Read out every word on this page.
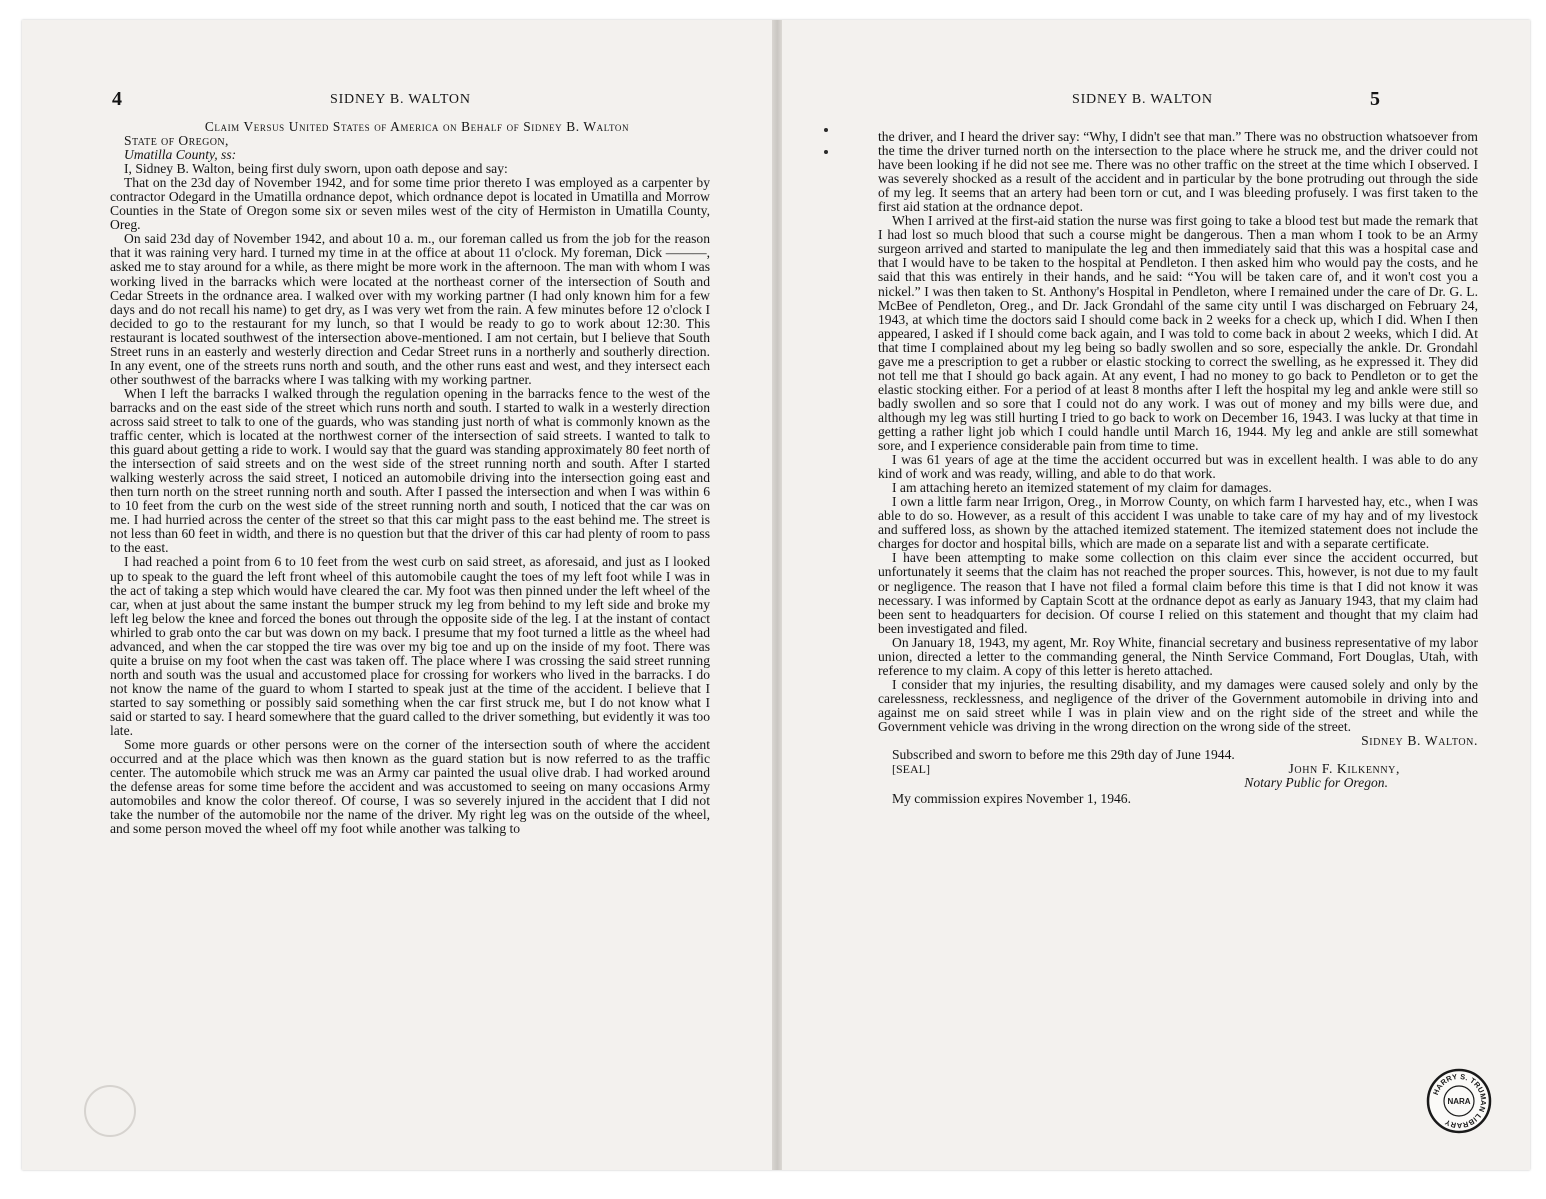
4	SIDNEY B. WALTON

Claim Versus United States of America on Behalf of Sidney B. Walton

State of Oregon,

Umatilla County, ss:

I, Sidney B. Walton, being first duly sworn, upon oath depose and say:

That on the 23d day of November 1942, and for some time prior thereto I was employed as a carpenter by contractor Odegard in the Umatilla ordnance depot, which ordnance depot is located in Umatilla and Morrow Counties in the State of Oregon some six or seven miles west of the city of Hermiston in Umatilla County, Oreg.

On said 23d day of November 1942, and about 10 a. m., our foreman called us from the job for the reason that it was raining very hard. I turned my time in at the office at about 11 o'clock. My foreman, Dick ———, asked me to stay around for a while, as there might be more work in the afternoon. The man with whom I was working lived in the barracks which were located at the northeast corner of the intersection of South and Cedar Streets in the ordnance area. I walked over with my working partner (I had only known him for a few days and do not recall his name) to get dry, as I was very wet from the rain. A few minutes before 12 o'clock I decided to go to the restaurant for my lunch, so that I would be ready to go to work about 12:30. This restaurant is located southwest of the intersection above-mentioned. I am not certain, but I believe that South Street runs in an easterly and westerly direction and Cedar Street runs in a northerly and southerly direction. In any event, one of the streets runs north and south, and the other runs east and west, and they intersect each other southwest of the barracks where I was talking with my working partner.

When I left the barracks I walked through the regulation opening in the barracks fence to the west of the barracks and on the east side of the street which runs north and south. I started to walk in a westerly direction across said street to talk to one of the guards, who was standing just north of what is commonly known as the traffic center, which is located at the northwest corner of the intersection of said streets. I wanted to talk to this guard about getting a ride to work. I would say that the guard was standing approximately 80 feet north of the intersection of said streets and on the west side of the street running north and south. After I started walking westerly across the said street, I noticed an automobile driving into the intersection going east and then turn north on the street running north and south. After I passed the intersection and when I was within 6 to 10 feet from the curb on the west side of the street running north and south, I noticed that the car was on me. I had hurried across the center of the street so that this car might pass to the east behind me. The street is not less than 60 feet in width, and there is no question but that the driver of this car had plenty of room to pass to the east.

I had reached a point from 6 to 10 feet from the west curb on said street, as aforesaid, and just as I looked up to speak to the guard the left front wheel of this automobile caught the toes of my left foot while I was in the act of taking a step which would have cleared the car. My foot was then pinned under the left wheel of the car, when at just about the same instant the bumper struck my leg from behind to my left side and broke my left leg below the knee and forced the bones out through the opposite side of the leg. I at the instant of contact whirled to grab onto the car but was down on my back. I presume that my foot turned a little as the wheel had advanced, and when the car stopped the tire was over my big toe and up on the inside of my foot. There was quite a bruise on my foot when the cast was taken off. The place where I was crossing the said street running north and south was the usual and accustomed place for crossing for workers who lived in the barracks. I do not know the name of the guard to whom I started to speak just at the time of the accident. I believe that I started to say something or possibly said something when the car first struck me, but I do not know what I said or started to say. I heard somewhere that the guard called to the driver something, but evidently it was too late.

Some more guards or other persons were on the corner of the intersection south of where the accident occurred and at the place which was then known as the guard station but is now referred to as the traffic center. The automobile which struck me was an Army car painted the usual olive drab. I had worked around the defense areas for some time before the accident and was accustomed to seeing on many occasions Army automobiles and know the color thereof. Of course, I was so severely injured in the accident that I did not take the number of the automobile nor the name of the driver. My right leg was on the outside of the wheel, and some person moved the wheel off my foot while another was talking to

SIDNEY B. WALTON	5

the driver, and I heard the driver say: “Why, I didn't see that man.” There was no obstruction whatsoever from the time the driver turned north on the intersection to the place where he struck me, and the driver could not have been looking if he did not see me. There was no other traffic on the street at the time which I observed. I was severely shocked as a result of the accident and in particular by the bone protruding out through the side of my leg. It seems that an artery had been torn or cut, and I was bleeding profusely. I was first taken to the first aid station at the ordnance depot.

When I arrived at the first-aid station the nurse was first going to take a blood test but made the remark that I had lost so much blood that such a course might be dangerous. Then a man whom I took to be an Army surgeon arrived and started to manipulate the leg and then immediately said that this was a hospital case and that I would have to be taken to the hospital at Pendleton. I then asked him who would pay the costs, and he said that this was entirely in their hands, and he said: “You will be taken care of, and it won't cost you a nickel.” I was then taken to St. Anthony's Hospital in Pendleton, where I remained under the care of Dr. G. L. McBee of Pendleton, Oreg., and Dr. Jack Grondahl of the same city until I was discharged on February 24, 1943, at which time the doctors said I should come back in 2 weeks for a check up, which I did. When I then appeared, I asked if I should come back again, and I was told to come back in about 2 weeks, which I did. At that time I complained about my leg being so badly swollen and so sore, especially the ankle. Dr. Grondahl gave me a prescription to get a rubber or elastic stocking to correct the swelling, as he expressed it. They did not tell me that I should go back again. At any event, I had no money to go back to Pendleton or to get the elastic stocking either. For a period of at least 8 months after I left the hospital my leg and ankle were still so badly swollen and so sore that I could not do any work. I was out of money and my bills were due, and although my leg was still hurting I tried to go back to work on December 16, 1943. I was lucky at that time in getting a rather light job which I could handle until March 16, 1944. My leg and ankle are still somewhat sore, and I experience considerable pain from time to time.

I was 61 years of age at the time the accident occurred but was in excellent health. I was able to do any kind of work and was ready, willing, and able to do that work.

I am attaching hereto an itemized statement of my claim for damages.

I own a little farm near Irrigon, Oreg., in Morrow County, on which farm I harvested hay, etc., when I was able to do so. However, as a result of this accident I was unable to take care of my hay and of my livestock and suffered loss, as shown by the attached itemized statement. The itemized statement does not include the charges for doctor and hospital bills, which are made on a separate list and with a separate certificate.

I have been attempting to make some collection on this claim ever since the accident occurred, but unfortunately it seems that the claim has not reached the proper sources. This, however, is not due to my fault or negligence. The reason that I have not filed a formal claim before this time is that I did not know it was necessary. I was informed by Captain Scott at the ordnance depot as early as January 1943, that my claim had been sent to headquarters for decision. Of course I relied on this statement and thought that my claim had been investigated and filed.

On January 18, 1943, my agent, Mr. Roy White, financial secretary and business representative of my labor union, directed a letter to the commanding general, the Ninth Service Command, Fort Douglas, Utah, with reference to my claim. A copy of this letter is hereto attached.

I consider that my injuries, the resulting disability, and my damages were caused solely and only by the carelessness, recklessness, and negligence of the driver of the Government automobile in driving into and against me on said street while I was in plain view and on the right side of the street and while the Government vehicle was driving in the wrong direction on the wrong side of the street.

Sidney B. Walton.

Subscribed and sworn to before me this 29th day of June 1944.

[SEAL]	John F. Kilkenny,
Notary Public for Oregon.

My commission expires November 1, 1946.

HARRY S. TRUMAN LIBRARY
NARA
